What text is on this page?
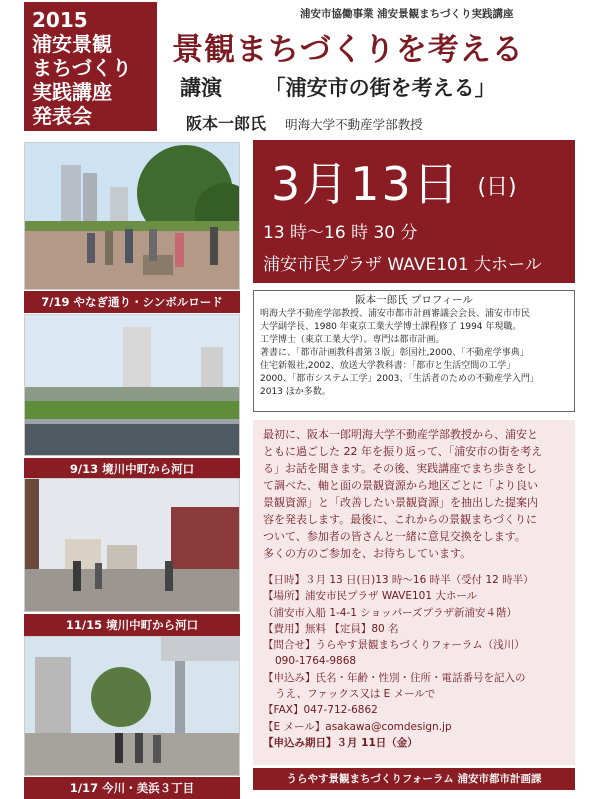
2015
浦安景観
まちづくり
実践講座
発表会
浦安市協働事業 浦安景観まちづくり実践講座
景観まちづくりを考える
講演 「浦安市の街を考える」
阪本一郎氏 明海大学不動産学部教授
7/19 やなぎ通り・シンボルロード
9/13 境川中町から河口
11/15 境川中町から河口
1/17 今川・美浜３丁目
3月13日 (日)
13 時〜16 時 30 分
浦安市民プラザ WAVE101 大ホール
阪本一郎氏 プロフィール
明海大学不動産学部教授、浦安市都市計画審議会会長、浦安市市民
大学副学長、1980 年東京工業大学博士課程修了 1994 年現職。
工学博士（東京工業大学）。専門は都市計画。
著書に、「都市計画教科書第３版」彰国社,2000、「不動産学事典」
住宅新報社,2002、放送大学教科書：「都市と生活空間の工学」
2000、「都市システム工学」2003、「生活者のための不動産学入門」
2013 ほか多数。
最初に、阪本一郎明海大学不動産学部教授から、浦安と
ともに過ごした 22 年を振り返って、「浦安市の街を考え
る」お話を聞きます。その後、実践講座でまち歩きをし
て調べた、軸と面の景観資源から地区ごとに「より良い
景観資源」と「改善したい景観資源」を抽出した提案内
容を発表します。最後に、これからの景観まちづくりに
ついて、参加者の皆さんと一緒に意見交換をします。
多くの方のご参加を、お待ちしています。
【日時】３月 13 日(日)13 時〜16 時半（受付 12 時半）
【場所】浦安市民プラザ WAVE101 大ホール
（浦安市入船 1-4-1 ショッパーズプラザ新浦安４階）
【費用】無料 【定員】80 名
【問合せ】うらやす景観まちづくりフォーラム（浅川）
090-1764-9868
【申込み】氏名・年齢・性別・住所・電話番号を記入の
うえ、ファックス又は E メールで
【FAX】047-712-6862
【E メール】asakawa@comdesign.jp
【申込み期日】３月 11日（金）
うらやす景観まちづくりフォーラム 浦安市都市計画課
